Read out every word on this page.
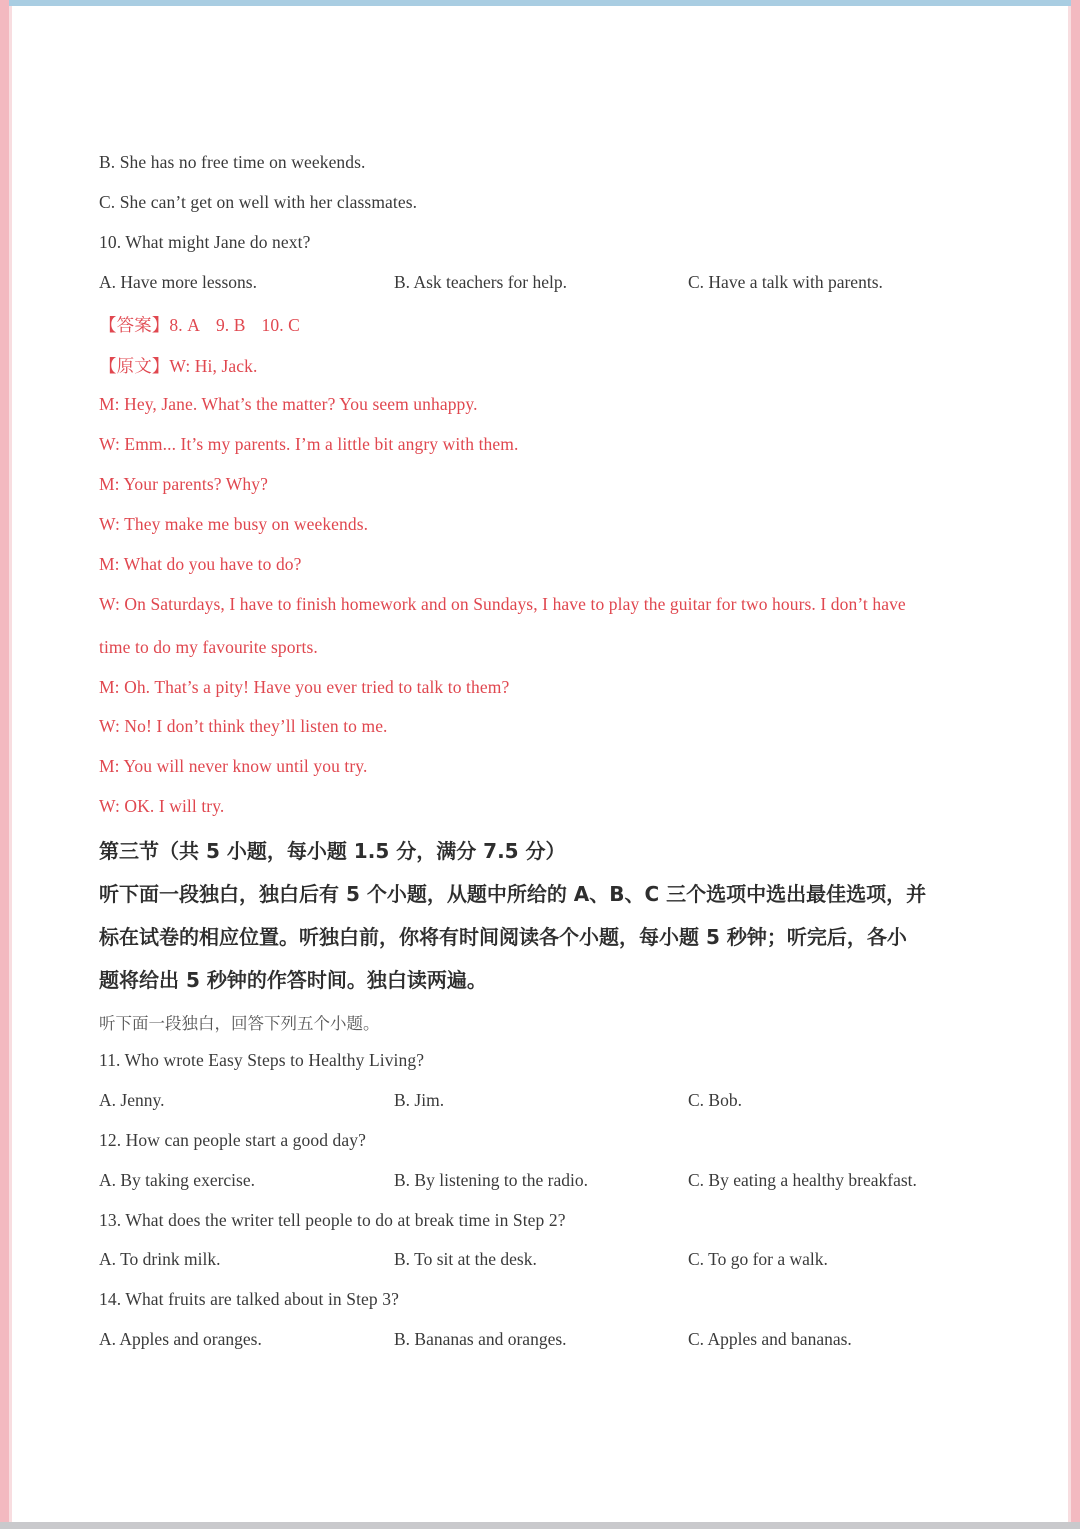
B. She has no free time on weekends.
C. She can’t get on well with her classmates.
10. What might Jane do next?
A. Have more lessons.	B. Ask teachers for help.	C. Have a talk with parents.
【答案】8. A 9. B 10. C
【原文】W: Hi, Jack.
M: Hey, Jane. What’s the matter? You seem unhappy.
W: Emm... It’s my parents. I’m a little bit angry with them.
M: Your parents? Why?
W: They make me busy on weekends.
M: What do you have to do?
W: On Saturdays, I have to finish homework and on Sundays, I have to play the guitar for two hours. I don’t have
time to do my favourite sports.
M: Oh. That’s a pity! Have you ever tried to talk to them?
W: No! I don’t think they’ll listen to me.
M: You will never know until you try.
W: OK. I will try.
第三节（共 5 小题，每小题 1.5 分，满分 7.5 分）
听下面一段独白，独白后有 5 个小题，从题中所给的 A、B、C 三个选项中选出最佳选项，并
标在试卷的相应位置。听独白前，你将有时间阅读各个小题，每小题 5 秒钟；听完后，各小
题将给出 5 秒钟的作答时间。独白读两遍。
听下面一段独白，回答下列五个小题。
11. Who wrote Easy Steps to Healthy Living?
A. Jenny.	B. Jim.	C. Bob.
12. How can people start a good day?
A. By taking exercise.	B. By listening to the radio.	C. By eating a healthy breakfast.
13. What does the writer tell people to do at break time in Step 2?
A. To drink milk.	B. To sit at the desk.	C. To go for a walk.
14. What fruits are talked about in Step 3?
A. Apples and oranges.	B. Bananas and oranges.	C. Apples and bananas.
